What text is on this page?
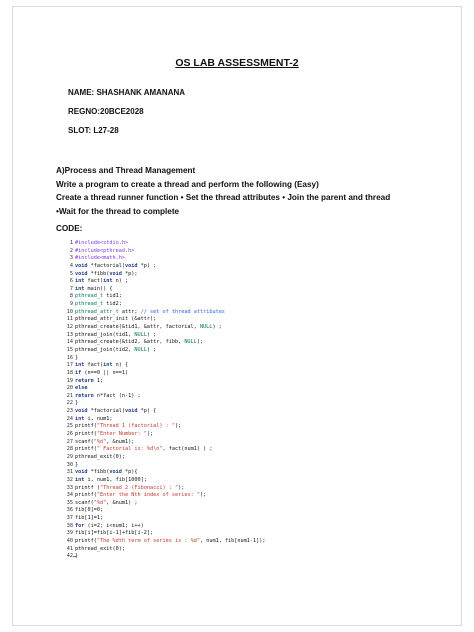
OS LAB ASSESSMENT-2
NAME: SHASHANK AMANANA
REGNO:20BCE2028
SLOT: L27-28
A)Process and Thread Management
Write a program to create a thread and perform the following (Easy)
Create a thread runner function • Set the thread attributes • Join the parent and thread
•Wait for the thread to complete
CODE:
1 #include<stdio.h>
2 #include<pthread.h>
3 #include<math.h>
4 void *factorial(void *p) ;
5 void *fibb(void *p);
6 int fact(int n) ;
7 int main() {
8 pthread_t tid1;
9 pthread_t tid2;
10 pthread_attr_t attr; // set of thread attributes
11 pthread_attr_init (&attr);
12 pthread_create(&tid1, &attr, factorial, NULL) ;
13 pthread_join(tid1, NULL) ;
14 pthread_create(&tid2, &attr, fibb, NULL);
15 pthread_join(tid2, NULL) ;
16 }
17 int fact(int n) {
18 if (n==0 || n==1)
19 return 1;
20 else
21 return n*fact (n-1) ;
22 }
23 void *factorial(void *p) {
24 int i, num1;
25 printf("Thread 1 (factorial) : ");
26 printf("Enter Number: ");
27 scanf("%d", &num1);
28 printf(" Factorial is: %d\n", fact(num1) ) ;
29 pthread_exit(0);
30 }
31 void *fibb(void *p){
32 int i, num1, fib[1000];
33 printf ("Thread 2 (Fibonacci) : ");
34 printf("Enter the Nth index of series: ");
35 scanf("%d", &num1) ;
36 fib[0]=0;
37 fib[1]=1;
38 for (i=2; i<num1; i++)
39 fib[i]=fib[i-1]+fib[i-2];
40 printf("The %dth term of series is : %d", num1, fib[num1-1]);
41 pthread_exit(0);
42 }
